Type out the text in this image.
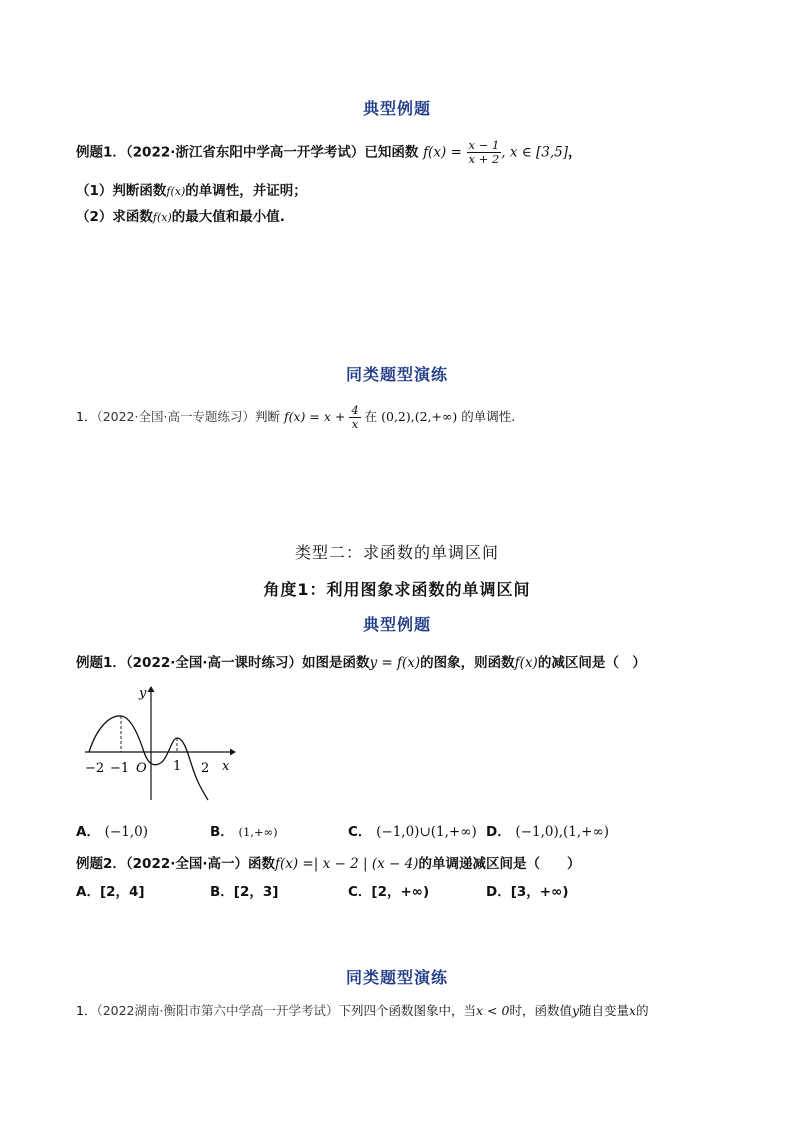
典型例题
例题1．（2022·浙江省东阳中学高一开学考试）已知函数 $f(x) = \frac{x - 1}{x + 2}$ , x ∈ [3,5]，
（1）判断函数f(x)的单调性，并证明；
（2）求函数f(x)的最大值和最小值.
同类题型演练
1．（2022·全国·高一专题练习）判断 $f(x) = x + \frac{4}{x}$ 在 (0,2),(2,+∞) 的单调性.
类型二：求函数的单调区间
角度1：利用图象求函数的单调区间
典型例题
例题1．（2022·全国·高一课时练习）如图是函数y = f(x)的图象，则函数f(x)的减区间是（　）
y
x
O
−2 −1	1 2
A． (−1,0)	B． (1,+∞)	C． (−1,0)∪(1,+∞) D． (−1,0),(1,+∞)
例题2．（2022·全国·高一）函数f(x) =| x − 2 | (x − 4)的单调递减区间是（　　）
A．[2，4]	B．[2，3]	C．[2，+∞)	D．[3，+∞)
同类题型演练
1．（2022湖南·衡阳市第六中学高一开学考试）下列四个函数图象中，当x < 0时，函数值y随自变量x的
